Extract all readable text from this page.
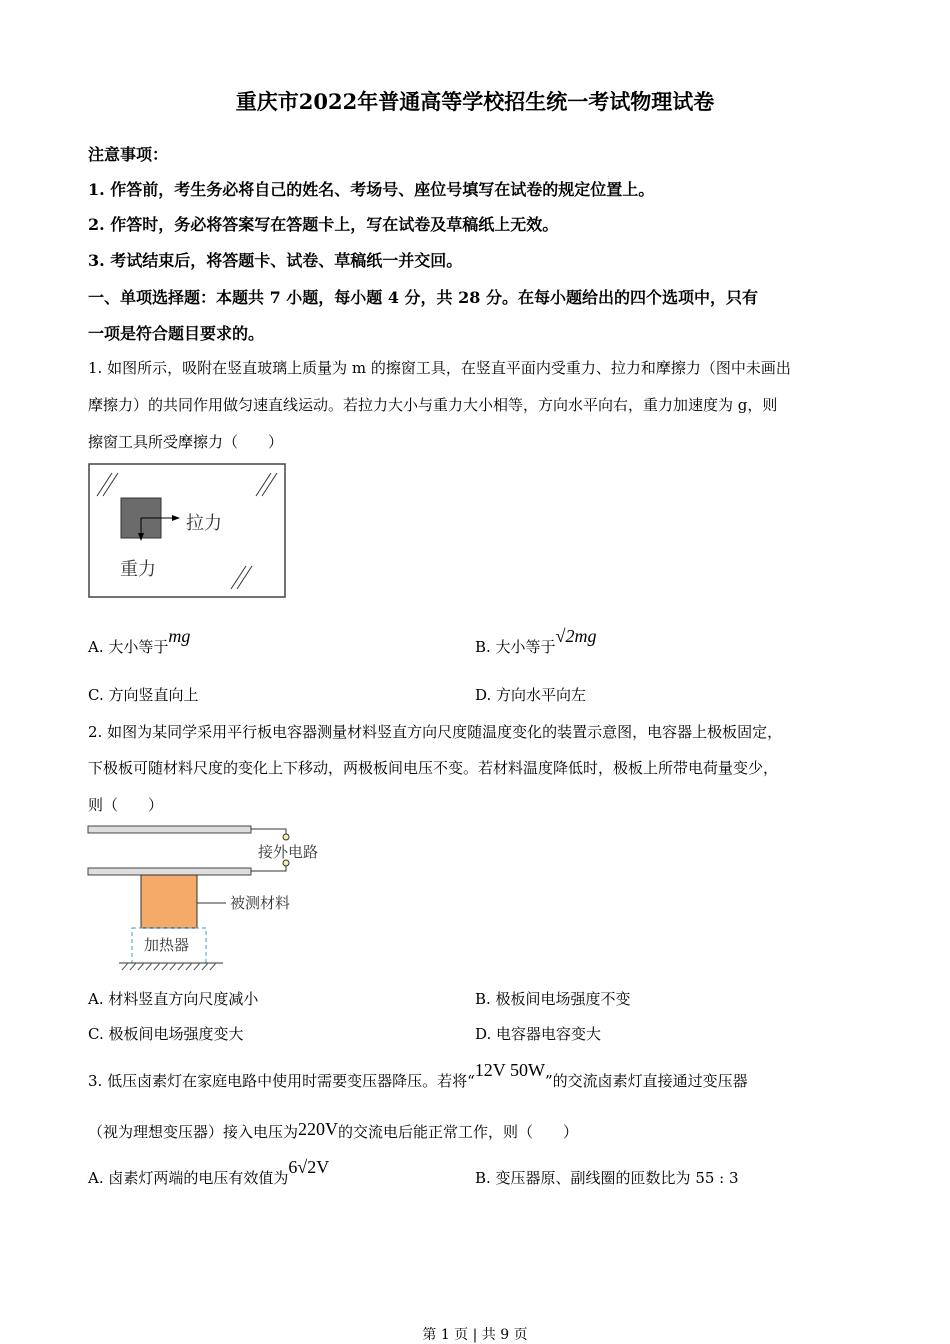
重庆市2022年普通高等学校招生统一考试物理试卷
注意事项：
1. 作答前，考生务必将自己的姓名、考场号、座位号填写在试卷的规定位置上。
2. 作答时，务必将答案写在答题卡上，写在试卷及草稿纸上无效。
3. 考试结束后，将答题卡、试卷、草稿纸一并交回。
一、单项选择题：本题共 7 小题，每小题 4 分，共 28 分。在每小题给出的四个选项中，只有
一项是符合题目要求的。
1. 如图所示，吸附在竖直玻璃上质量为 m 的擦窗工具，在竖直平面内受重力、拉力和摩擦力（图中未画出
摩擦力）的共同作用做匀速直线运动。若拉力大小与重力大小相等，方向水平向右，重力加速度为 g，则
擦窗工具所受摩擦力（　　）
拉力
重力
A. 大小等于mg
B. 大小等于√2mg
C. 方向竖直向上	D. 方向水平向左
2. 如图为某同学采用平行板电容器测量材料竖直方向尺度随温度变化的装置示意图，电容器上极板固定，
下极板可随材料尺度的变化上下移动，两极板间电压不变。若材料温度降低时，极板上所带电荷量变少，
则（　　）
接外电路
被测材料
加热器
A. 材料竖直方向尺度减小	B. 极板间电场强度不变
C. 极板间电场强度变大	D. 电容器电容变大
3. 低压卤素灯在家庭电路中使用时需要变压器降压。若将“12V 50W”的交流卤素灯直接通过变压器
（视为理想变压器）接入电压为220V的交流电后能正常工作，则（　　）
A. 卤素灯两端的电压有效值为6√2V
B. 变压器原、副线圈的匝数比为 55 : 3
第 1 页 | 共 9 页
